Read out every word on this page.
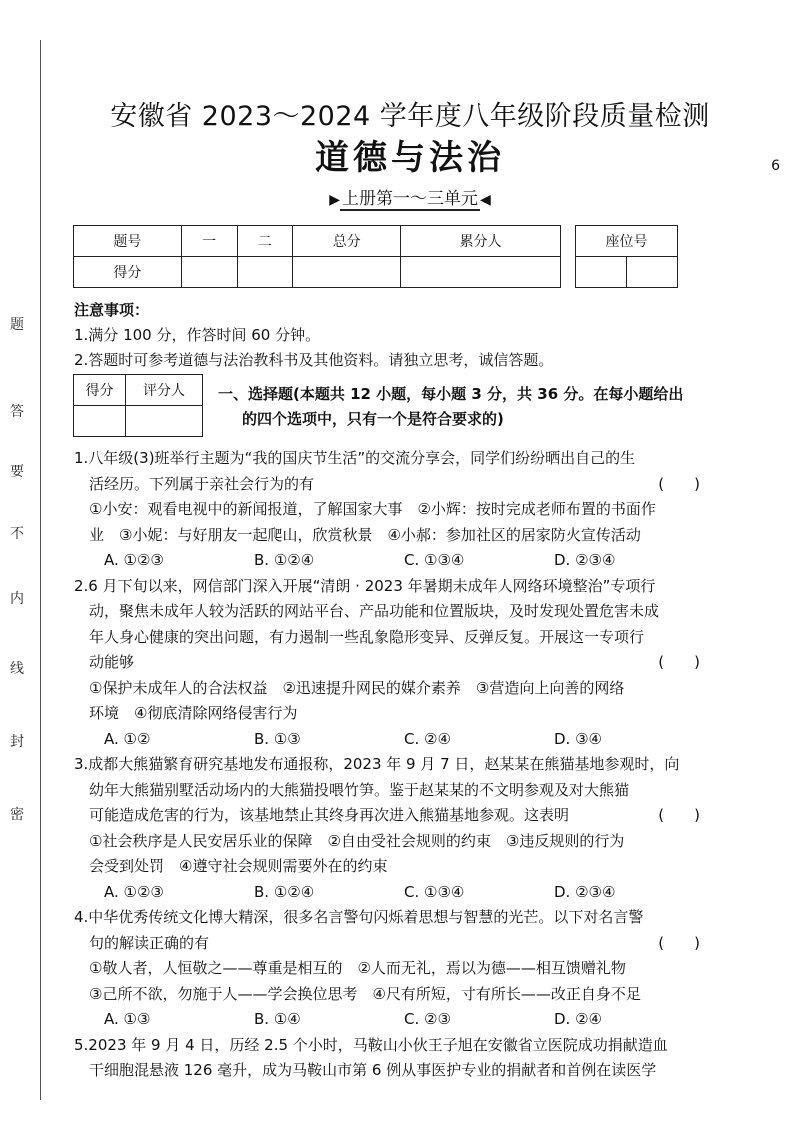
题
答
要
不
内
线
封
密
6
安徽省 2023～2024 学年度八年级阶段质量检测
道德与法治
▶ 上册第一～三单元 ◀
题号	一	二	总分	累分人
得分				
座位号

注意事项：
1.满分 100 分，作答时间 60 分钟。
2.答题时可参考道德与法治教科书及其他资料。请独立思考，诚信答题。
得分	评分人
	一、选择题(本题共 12 小题，每小题 3 分，共 36 分。在每小题给出
的四个选项中，只有一个是符合要求的)
1.八年级(3)班举行主题为“我的国庆节生活”的交流分享会，同学们纷纷晒出自己的生
(　　)
活经历。下列属于亲社会行为的有
①小安：观看电视中的新闻报道，了解国家大事　②小辉：按时完成老师布置的书面作
业　③小妮：与好朋友一起爬山，欣赏秋景　④小郝：参加社区的居家防火宣传活动
A. ①②③	B. ①②④	C. ①③④	D. ②③④
2.6 月下旬以来，网信部门深入开展“清朗 · 2023 年暑期未成年人网络环境整治”专项行
动，聚焦未成年人较为活跃的网站平台、产品功能和位置版块，及时发现处置危害未成
年人身心健康的突出问题，有力遏制一些乱象隐形变异、反弹反复。开展这一专项行
(　　)
动能够
①保护未成年人的合法权益　②迅速提升网民的媒介素养　③营造向上向善的网络
环境　④彻底清除网络侵害行为
A. ①②	B. ①③	C. ②④	D. ③④
3.成都大熊猫繁育研究基地发布通报称，2023 年 9 月 7 日，赵某某在熊猫基地参观时，向
幼年大熊猫别墅活动场内的大熊猫投喂竹笋。鉴于赵某某的不文明参观及对大熊猫
(　　)
可能造成危害的行为，该基地禁止其终身再次进入熊猫基地参观。这表明
①社会秩序是人民安居乐业的保障　②自由受社会规则的约束　③违反规则的行为
会受到处罚　④遵守社会规则需要外在的约束
A. ①②③	B. ①②④	C. ①③④	D. ②③④
4.中华优秀传统文化博大精深，很多名言警句闪烁着思想与智慧的光芒。以下对名言警
(　　)
句的解读正确的有
①敬人者，人恒敬之——尊重是相互的　②人而无礼，焉以为德——相互馈赠礼物
③己所不欲，勿施于人——学会换位思考　④尺有所短，寸有所长——改正自身不足
A. ①③	B. ①④	C. ②③	D. ②④
5.2023 年 9 月 4 日，历经 2.5 个小时，马鞍山小伙王子旭在安徽省立医院成功捐献造血
干细胞混悬液 126 毫升，成为马鞍山市第 6 例从事医护专业的捐献者和首例在读医学
